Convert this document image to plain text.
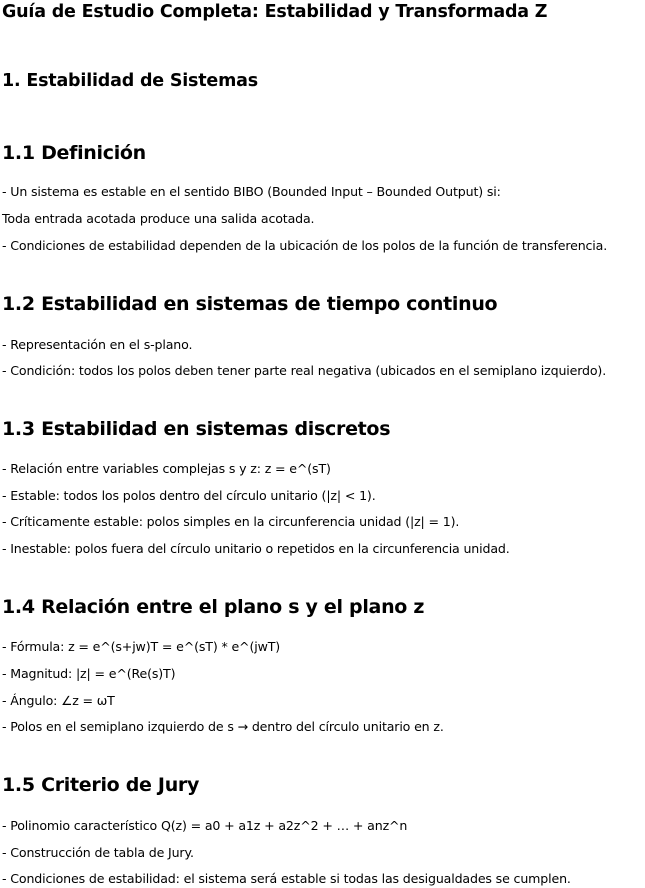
Guía de Estudio Completa: Estabilidad y Transformada Z
1. Estabilidad de Sistemas
1.1 Definición
- Un sistema es estable en el sentido BIBO (Bounded Input – Bounded Output) si:
Toda entrada acotada produce una salida acotada.
- Condiciones de estabilidad dependen de la ubicación de los polos de la función de transferencia.
1.2 Estabilidad en sistemas de tiempo continuo
- Representación en el s-plano.
- Condición: todos los polos deben tener parte real negativa (ubicados en el semiplano izquierdo).
1.3 Estabilidad en sistemas discretos
- Relación entre variables complejas s y z: z = e^(sT)
- Estable: todos los polos dentro del círculo unitario (|z| < 1).
- Críticamente estable: polos simples en la circunferencia unidad (|z| = 1).
- Inestable: polos fuera del círculo unitario o repetidos en la circunferencia unidad.
1.4 Relación entre el plano s y el plano z
- Fórmula: z = e^(s+jw)T = e^(sT) * e^(jwT)
- Magnitud: |z| = e^(Re(s)T)
- Ángulo: ∠z = ωT
- Polos en el semiplano izquierdo de s → dentro del círculo unitario en z.
1.5 Criterio de Jury
- Polinomio característico Q(z) = a0 + a1z + a2z^2 + … + anz^n
- Construcción de tabla de Jury.
- Condiciones de estabilidad: el sistema será estable si todas las desigualdades se cumplen.
